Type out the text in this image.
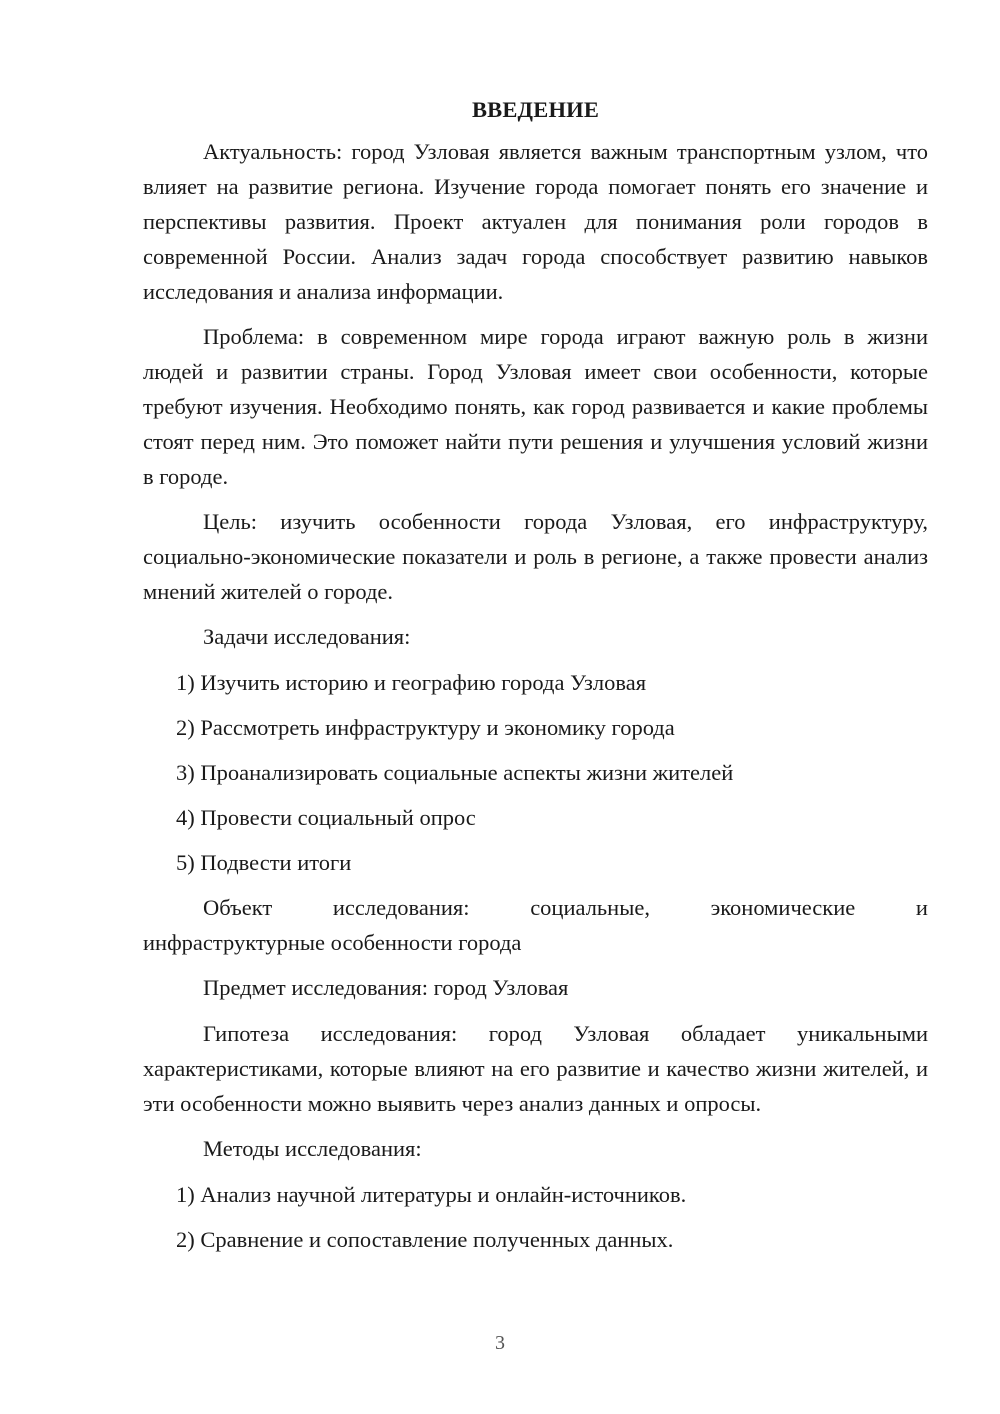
ВВЕДЕНИЕ

Актуальность: город Узловая является важным транспортным узлом, что влияет на развитие региона. Изучение города помогает понять его значение и перспективы развития. Проект актуален для понимания роли городов в современной России. Анализ задач города способствует развитию навыков исследования и анализа информации.

Проблема: в современном мире города играют важную роль в жизни людей и развитии страны. Город Узловая имеет свои особенности, которые требуют изучения. Необходимо понять, как город развивается и какие проблемы стоят перед ним. Это поможет найти пути решения и улучшения условий жизни в городе.

Цель: изучить особенности города Узловая, его инфраструктуру, социально-экономические показатели и роль в регионе, а также провести анализ мнений жителей о городе.

Задачи исследования:

1) Изучить историю и географию города Узловая
2) Рассмотреть инфраструктуру и экономику города
3) Проанализировать социальные аспекты жизни жителей
4) Провести социальный опрос
5) Подвести итоги
Объект	исследования:	социальные,	экономические	и
инфраструктурные особенности города

Предмет исследования: город Узловая

Гипотеза исследования: город Узловая обладает уникальными характеристиками, которые влияют на его развитие и качество жизни жителей, и эти особенности можно выявить через анализ данных и опросы.

Методы исследования:

1) Анализ научной литературы и онлайн-источников.
2) Сравнение и сопоставление полученных данных.
3
